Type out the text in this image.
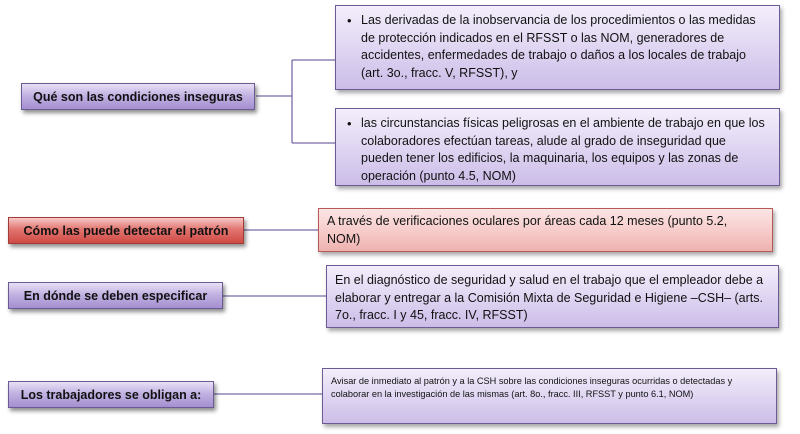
Qué son las condiciones inseguras
• Las derivadas de la inobservancia de los procedimientos o las medidas de protección indicados en el RFSST o las NOM, generadores de accidentes, enfermedades de trabajo o daños a los locales de trabajo (art. 3o., fracc. V, RFSST), y
• las circunstancias físicas peligrosas en el ambiente de trabajo en que los colaboradores efectúan tareas, alude al grado de inseguridad que pueden tener los edificios, la maquinaria, los equipos y las zonas de operación (punto 4.5, NOM)
Cómo las puede detectar el patrón
A través de verificaciones oculares por áreas cada 12 meses (punto 5.2, NOM)
En dónde se deben especificar
En el diagnóstico de seguridad y salud en el trabajo que el empleador debe a elaborar y entregar a la Comisión Mixta de Seguridad e Higiene –CSH– (arts. 7o., fracc. I y 45, fracc. IV, RFSST)
Los trabajadores se obligan a:
Avisar de inmediato al patrón y a la CSH sobre las condiciones inseguras ocurridas o detectadas y colaborar en la investigación de las mismas (art. 8o., fracc. III, RFSST y punto 6.1, NOM)
